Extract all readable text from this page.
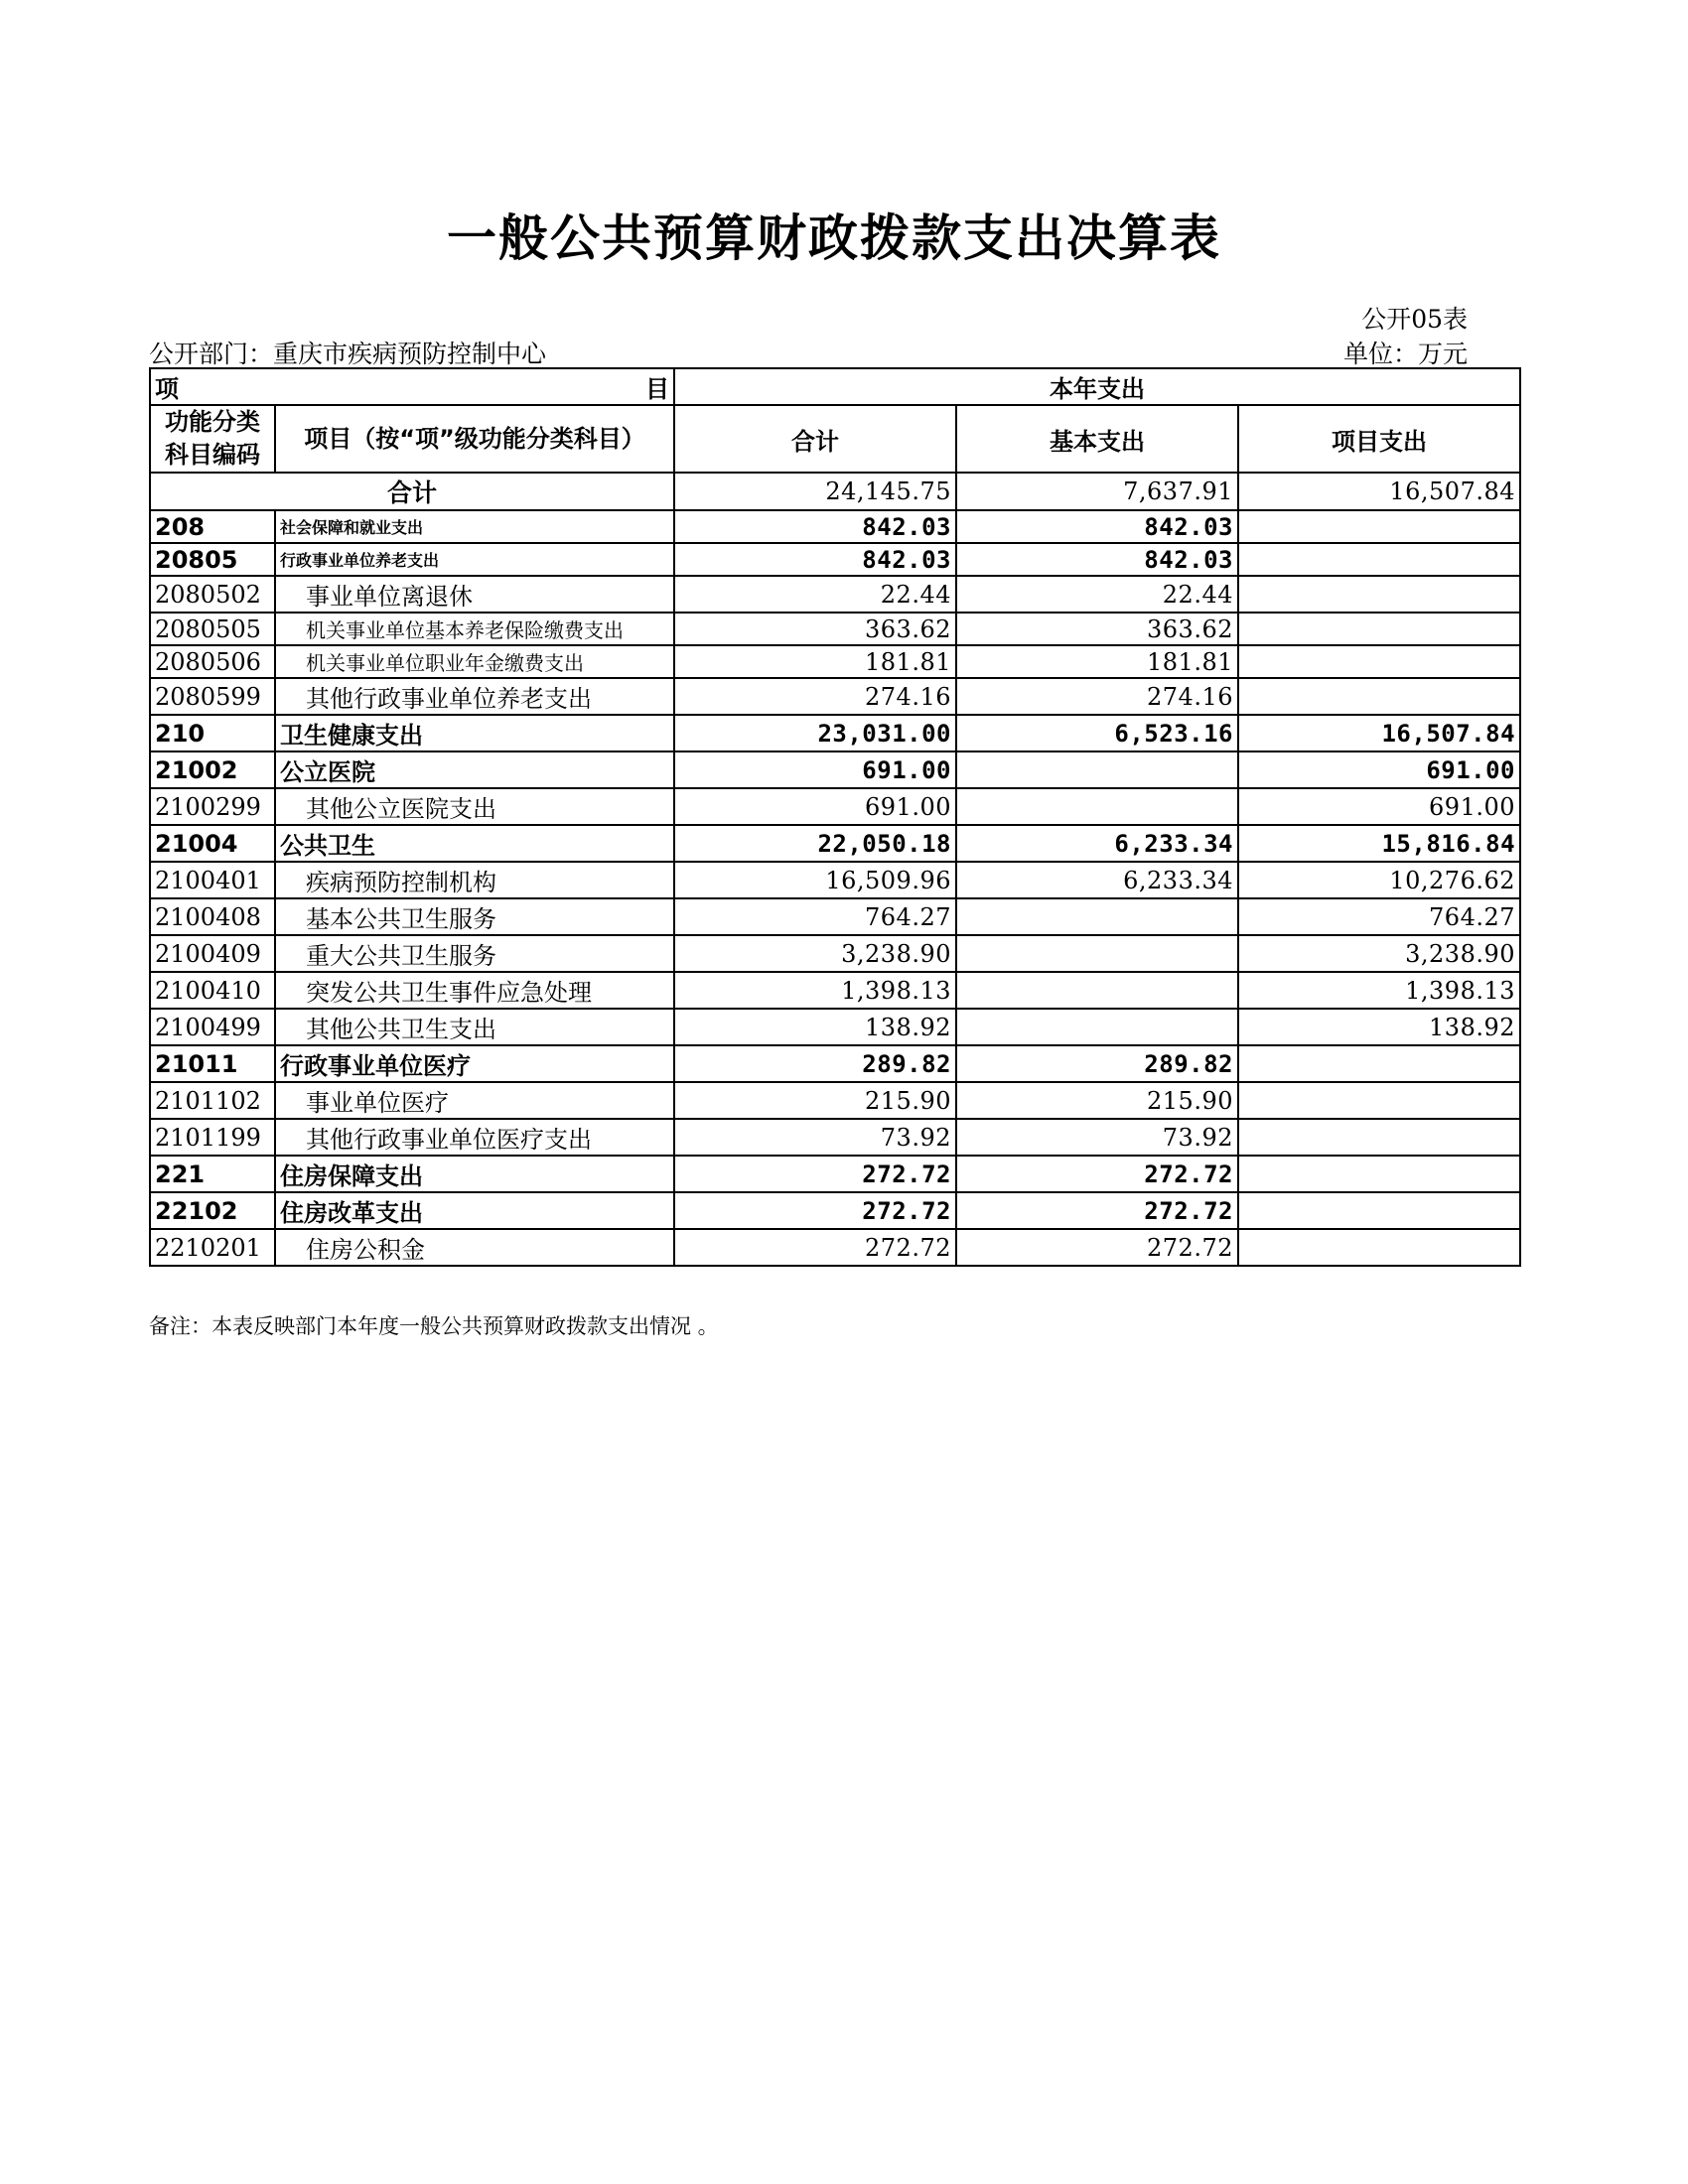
一般公共预算财政拨款支出决算表
公开05表
公开部门：重庆市疾病预防控制中心	单位：万元
项 目		本年支出		
功能分类科目编码	项目（按“项”级功能分类科目）	合计	基本支出	项目支出
合计		24,145.75	7,637.91	16,507.84
208	社会保障和就业支出	842.03	842.03	
20805	行政事业单位养老支出	842.03	842.03	
2080502	事业单位离退休	22.44	22.44	
2080505	机关事业单位基本养老保险缴费支出	363.62	363.62	
2080506	机关事业单位职业年金缴费支出	181.81	181.81	
2080599	其他行政事业单位养老支出	274.16	274.16	
210	卫生健康支出	23,031.00	6,523.16	16,507.84
21002	公立医院	691.00		691.00
2100299	其他公立医院支出	691.00		691.00
21004	公共卫生	22,050.18	6,233.34	15,816.84
2100401	疾病预防控制机构	16,509.96	6,233.34	10,276.62
2100408	基本公共卫生服务	764.27		764.27
2100409	重大公共卫生服务	3,238.90		3,238.90
2100410	突发公共卫生事件应急处理	1,398.13		1,398.13
2100499	其他公共卫生支出	138.92		138.92
21011	行政事业单位医疗	289.82	289.82	
2101102	事业单位医疗	215.90	215.90	
2101199	其他行政事业单位医疗支出	73.92	73.92	
221	住房保障支出	272.72	272.72	
22102	住房改革支出	272.72	272.72	
2210201	住房公积金	272.72	272.72	
备注：本表反映部门本年度一般公共预算财政拨款支出情况 。
